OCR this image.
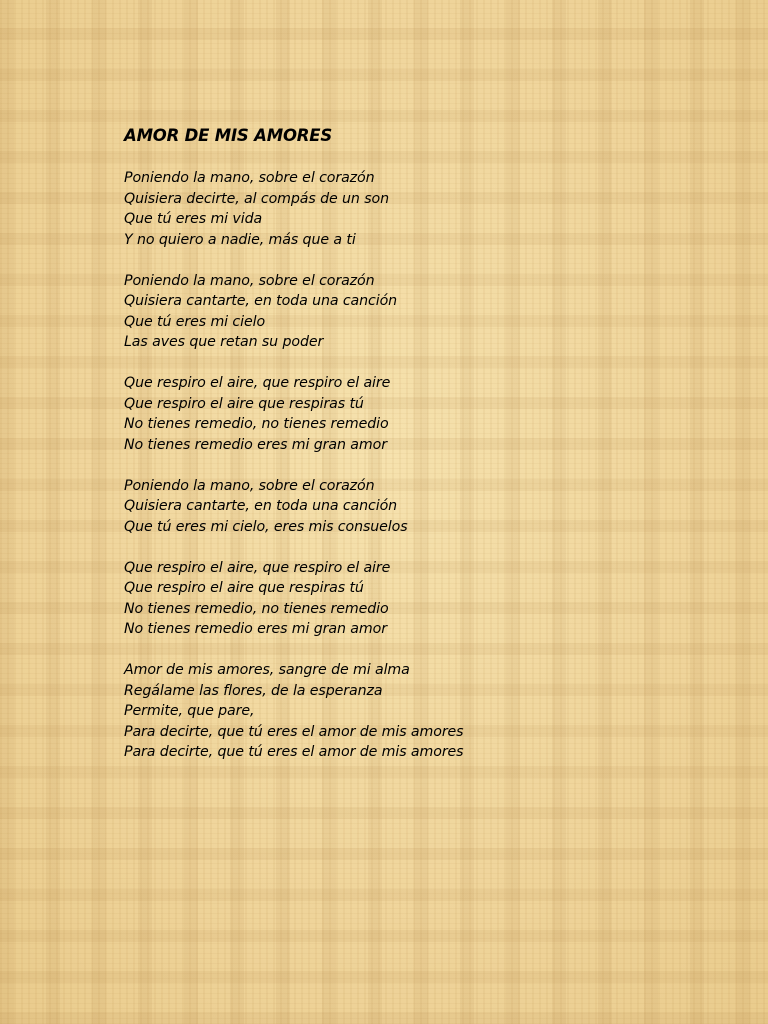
AMOR DE MIS AMORES
Poniendo la mano, sobre el corazón
Quisiera decirte, al compás de un son
Que tú eres mi vida
Y no quiero a nadie, más que a ti
Poniendo la mano, sobre el corazón
Quisiera cantarte, en toda una canción
Que tú eres mi cielo
Las aves que retan su poder
Que respiro el aire, que respiro el aire
Que respiro el aire que respiras tú
No tienes remedio, no tienes remedio
No tienes remedio eres mi gran amor
Poniendo la mano, sobre el corazón
Quisiera cantarte, en toda una canción
Que tú eres mi cielo, eres mis consuelos
Que respiro el aire, que respiro el aire
Que respiro el aire que respiras tú
No tienes remedio, no tienes remedio
No tienes remedio eres mi gran amor
Amor de mis amores, sangre de mi alma
Regálame las flores, de la esperanza
Permite, que pare,
Para decirte, que tú eres el amor de mis amores
Para decirte, que tú eres el amor de mis amores
